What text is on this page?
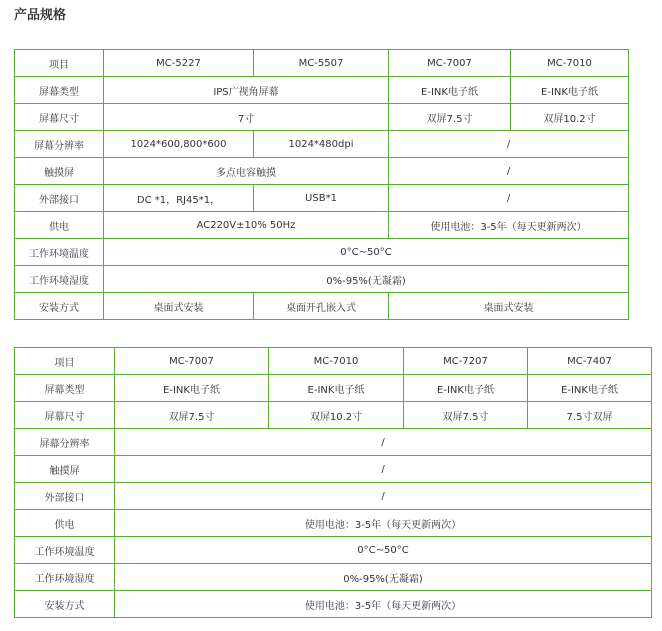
产品规格
项目	MC-5227	MC-5507	MC-7007	MC-7010
屏幕类型	IPS广视角屏幕		E-INK电子纸	E-INK电子纸
屏幕尺寸	7寸		双屏7.5寸	双屏10.2寸
屏幕分辨率	1024*600,800*600	1024*480dpi	/	
触摸屏	多点电容触摸		/	
外部接口	DC *1，RJ45*1，	USB*1	/	
供电	AC220V±10% 50Hz		使用电池：3-5年（每天更新两次）	
工作环境温度	0°C~50°C			
工作环境湿度	0%-95%(无凝霜)			
安装方式	桌面式安装	桌面开孔嵌入式	桌面式安装	
项目	MC-7007	MC-7010	MC-7207	MC-7407
屏幕类型	E-INK电子纸	E-INK电子纸	E-INK电子纸	E-INK电子纸
屏幕尺寸	双屏7.5寸	双屏10.2寸	双屏7.5寸	7.5寸双屏
屏幕分辨率	/			
触摸屏	/			
外部接口	/			
供电	使用电池：3-5年（每天更新两次）			
工作环境温度	0°C~50°C			
工作环境湿度	0%-95%(无凝霜)			
安装方式	使用电池：3-5年（每天更新两次）			
